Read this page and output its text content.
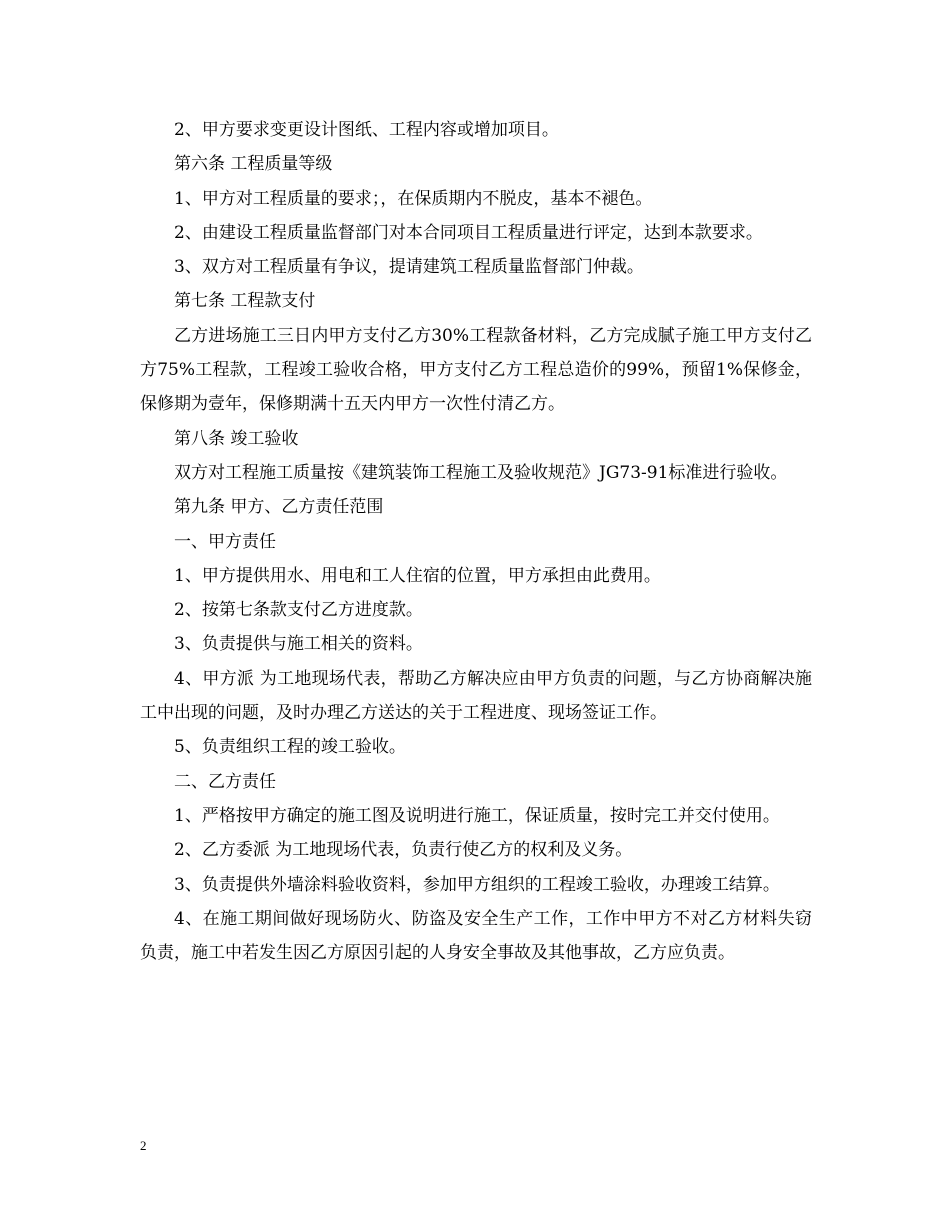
2、甲方要求变更设计图纸、工程内容或增加项目。

第六条 工程质量等级

1、甲方对工程质量的要求；，在保质期内不脱皮，基本不褪色。

2、由建设工程质量监督部门对本合同项目工程质量进行评定，达到本款要求。

3、双方对工程质量有争议，提请建筑工程质量监督部门仲裁。

第七条 工程款支付

乙方进场施工三日内甲方支付乙方30%工程款备材料，乙方完成腻子施工甲方支付乙方75%工程款，工程竣工验收合格，甲方支付乙方工程总造价的99%，预留1%保修金，保修期为壹年，保修期满十五天内甲方一次性付清乙方。

第八条 竣工验收

双方对工程施工质量按《建筑装饰工程施工及验收规范》JG73-91标准进行验收。

第九条 甲方、乙方责任范围

一、甲方责任

1、甲方提供用水、用电和工人住宿的位置，甲方承担由此费用。

2、按第七条款支付乙方进度款。

3、负责提供与施工相关的资料。

4、甲方派 为工地现场代表，帮助乙方解决应由甲方负责的问题，与乙方协商解决施工中出现的问题，及时办理乙方送达的关于工程进度、现场签证工作。

5、负责组织工程的竣工验收。

二、乙方责任

1、严格按甲方确定的施工图及说明进行施工，保证质量，按时完工并交付使用。

2、乙方委派 为工地现场代表，负责行使乙方的权利及义务。

3、负责提供外墙涂料验收资料，参加甲方组织的工程竣工验收，办理竣工结算。

4、在施工期间做好现场防火、防盗及安全生产工作，工作中甲方不对乙方材料失窃负责，施工中若发生因乙方原因引起的人身安全事故及其他事故，乙方应负责。

2
